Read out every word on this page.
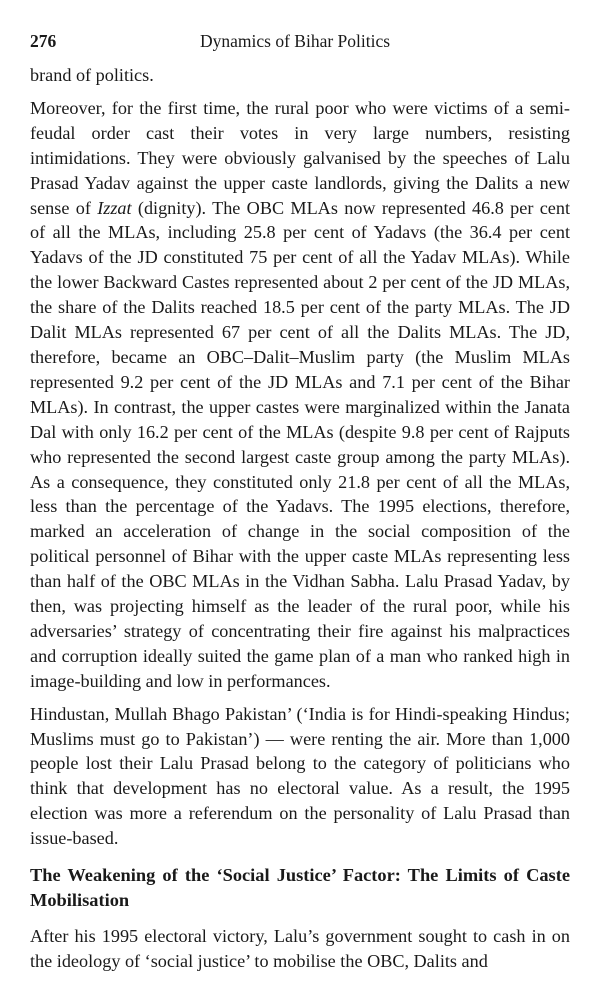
276	Dynamics of Bihar Politics

brand of politics.

Moreover, for the first time, the rural poor who were victims of a semi-feudal order cast their votes in very large numbers, resisting intimidations. They were obviously galvanised by the speeches of Lalu Prasad Yadav against the upper caste landlords, giving the Dalits a new sense of Izzat (dignity). The OBC MLAs now represented 46.8 per cent of all the MLAs, including 25.8 per cent of Yadavs (the 36.4 per cent Yadavs of the JD constituted 75 per cent of all the Yadav MLAs). While the lower Backward Castes represented about 2 per cent of the JD MLAs, the share of the Dalits reached 18.5 per cent of the party MLAs. The JD Dalit MLAs represented 67 per cent of all the Dalits MLAs. The JD, therefore, became an OBC–Dalit–Muslim party (the Muslim MLAs represented 9.2 per cent of the JD MLAs and 7.1 per cent of the Bihar MLAs). In contrast, the upper castes were marginalized within the Janata Dal with only 16.2 per cent of the MLAs (despite 9.8 per cent of Rajputs who represented the second largest caste group among the party MLAs). As a consequence, they constituted only 21.8 per cent of all the MLAs, less than the percentage of the Yadavs. The 1995 elections, therefore, marked an acceleration of change in the social composition of the political personnel of Bihar with the upper caste MLAs representing less than half of the OBC MLAs in the Vidhan Sabha. Lalu Prasad Yadav, by then, was projecting himself as the leader of the rural poor, while his adversaries’ strategy of concentrating their fire against his malpractices and corruption ideally suited the game plan of a man who ranked high in image-building and low in performances.

Hindustan, Mullah Bhago Pakistan’ (‘India is for Hindi-speaking Hindus; Muslims must go to Pakistan’) — were renting the air. More than 1,000 people lost their Lalu Prasad belong to the category of politicians who think that development has no electoral value. As a result, the 1995 election was more a referendum on the personality of Lalu Prasad than issue-based.

The Weakening of the ‘Social Justice’ Factor: The Limits of Caste Mobilisation

After his 1995 electoral victory, Lalu’s government sought to cash in on the ideology of ‘social justice’ to mobilise the OBC, Dalits and
